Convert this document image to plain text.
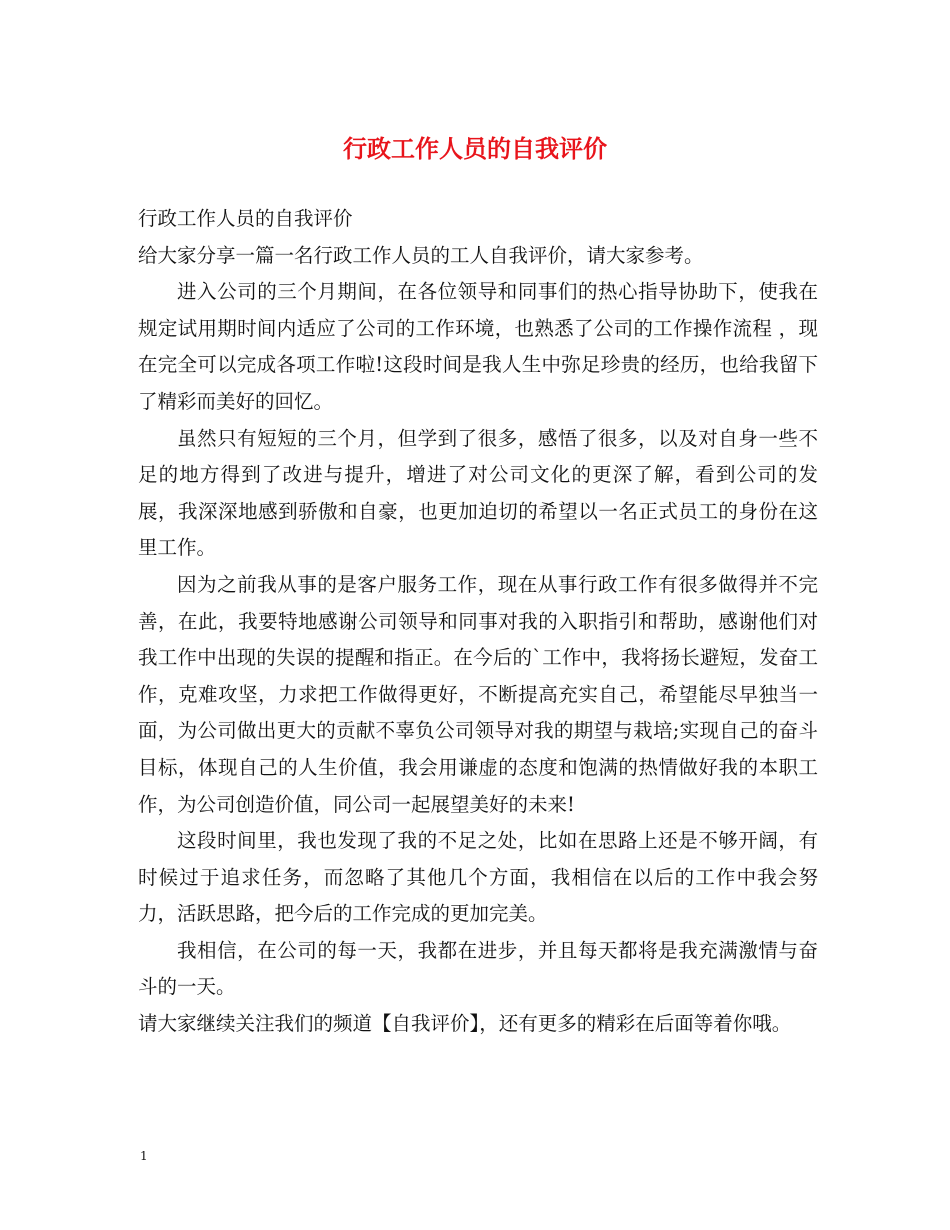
行政工作人员的自我评价

行政工作人员的自我评价

给大家分享一篇一名行政工作人员的工人自我评价，请大家参考。

进入公司的三个月期间，在各位领导和同事们的热心指导协助下，使我在规定试用期时间内适应了公司的工作环境，也熟悉了公司的工作操作流程 ，现在完全可以完成各项工作啦!这段时间是我人生中弥足珍贵的经历，也给我留下了精彩而美好的回忆。

虽然只有短短的三个月，但学到了很多，感悟了很多，以及对自身一些不足的地方得到了改进与提升，增进了对公司文化的更深了解，看到公司的发展，我深深地感到骄傲和自豪，也更加迫切的希望以一名正式员工的身份在这里工作。

因为之前我从事的是客户服务工作，现在从事行政工作有很多做得并不完善，在此，我要特地感谢公司领导和同事对我的入职指引和帮助，感谢他们对我工作中出现的失误的提醒和指正。在今后的`工作中，我将扬长避短，发奋工作，克难攻坚，力求把工作做得更好，不断提高充实自己，希望能尽早独当一面，为公司做出更大的贡献不辜负公司领导对我的期望与栽培;实现自己的奋斗目标，体现自己的人生价值，我会用谦虚的态度和饱满的热情做好我的本职工作，为公司创造价值，同公司一起展望美好的未来!

这段时间里，我也发现了我的不足之处，比如在思路上还是不够开阔，有时候过于追求任务，而忽略了其他几个方面，我相信在以后的工作中我会努力，活跃思路，把今后的工作完成的更加完美。

我相信，在公司的每一天，我都在进步，并且每天都将是我充满激情与奋斗的一天。

请大家继续关注我们的频道【自我评价】，还有更多的精彩在后面等着你哦。

1
